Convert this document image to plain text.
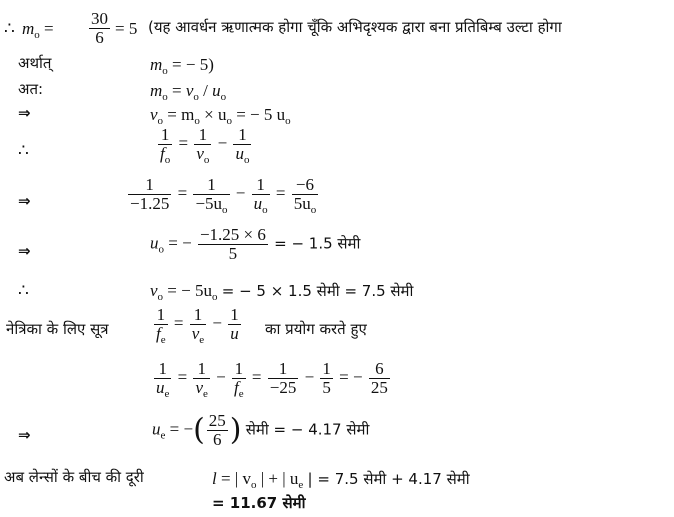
∴ $m_o = \frac{30}{6} = 5$ (यह आवर्धन ऋणात्मक होगा चूँकि अभिदृश्यक द्वारा बना प्रतिबिम्ब उल्टा होगा
अर्थात्	$m_o$ = − 5)
अत:	$m_o = v_o / u_o$
⇒	$v_o = m_o \times u_o$ = − 5 $u_o$
∴	$\frac{1}{f_o} = \frac{1}{v_o} - \frac{1}{u_o}$
⇒	$\frac{1}{-1.25} = \frac{1}{-5u_o} - \frac{1}{u_o} = \frac{-6}{5u_o}$
⇒	$u_o$ = − $\frac{-1.25 \times 6}{5}$ = − 1.5 सेमी
∴	$v_o$ = − $5u_o$ = − 5 × 1.5 सेमी = 7.5 सेमी
नेत्रिका के लिए सूत्र	$\frac{1}{f_e} = \frac{1}{v_e} - \frac{1}{u}$ का प्रयोग करते हुए
$\frac{1}{u_e} = \frac{1}{v_e} - \frac{1}{f_e} = \frac{1}{-25} - \frac{1}{5}$ = − $\frac{6}{25}$
⇒	$u_e$ = −( $\frac{25}{6}$ ) सेमी = − 4.17 सेमी
अब लेन्सों के बीच की दूरी	l = | $v_o$ | + | $u_e$ | = 7.5 सेमी + 4.17 सेमी
= 11.67 सेमी
